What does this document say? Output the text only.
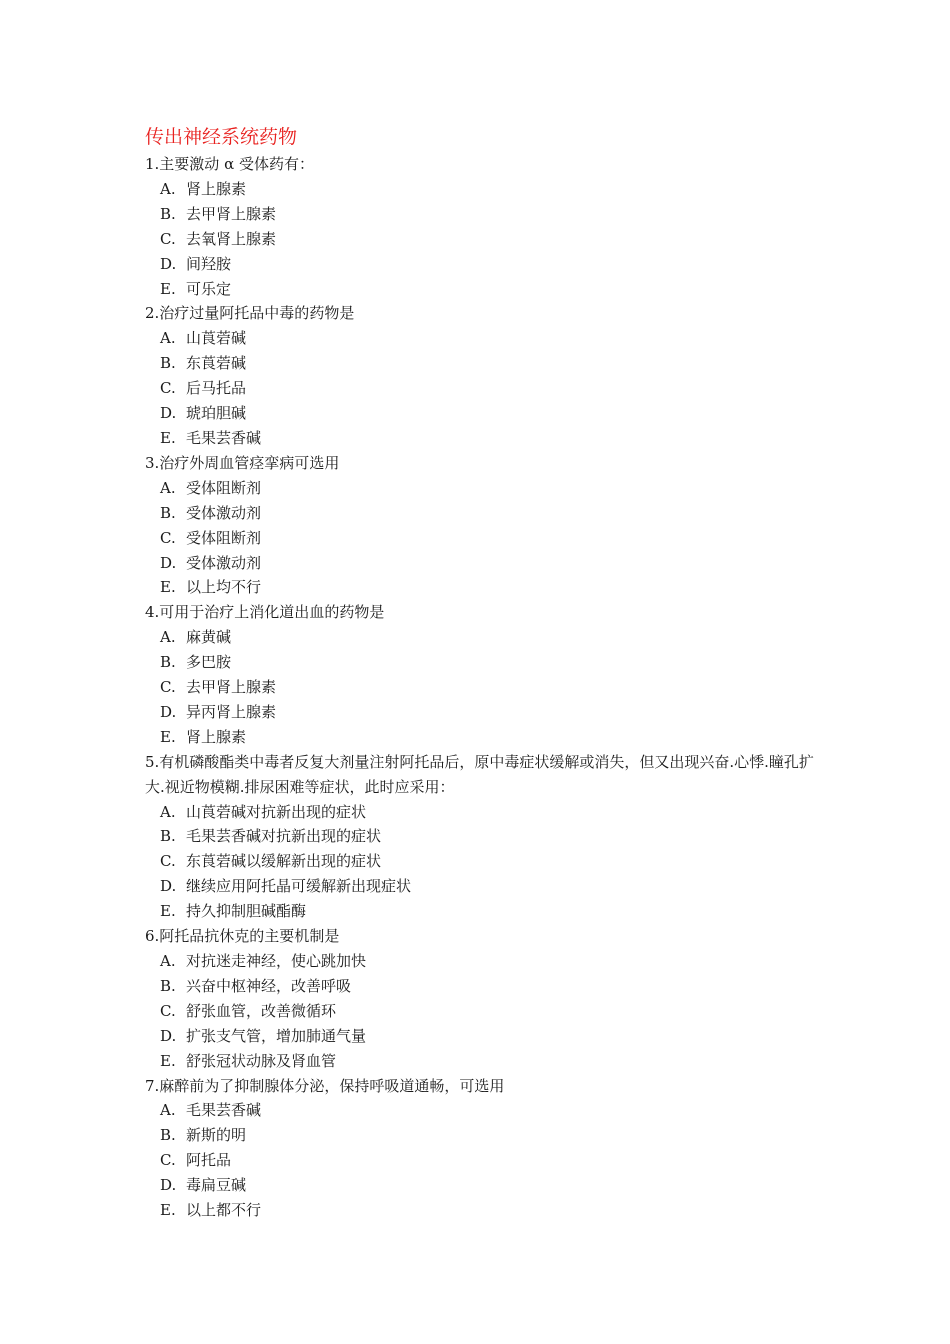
传出神经系统药物
1.主要激动 α 受体药有：
A. 肾上腺素
B. 去甲肾上腺素
C. 去氧肾上腺素
D. 间羟胺
E. 可乐定
2.治疗过量阿托品中毒的药物是
A. 山莨菪碱
B. 东莨菪碱
C. 后马托品
D. 琥珀胆碱
E. 毛果芸香碱
3.治疗外周血管痉挛病可选用
A. 受体阻断剂
B. 受体激动剂
C. 受体阻断剂
D. 受体激动剂
E. 以上均不行
4.可用于治疗上消化道出血的药物是
A. 麻黄碱
B. 多巴胺
C. 去甲肾上腺素
D. 异丙肾上腺素
E. 肾上腺素
5.有机磷酸酯类中毒者反复大剂量注射阿托品后，原中毒症状缓解或消失，但又出现兴奋.心悸.瞳孔扩大.视近物模糊.排尿困难等症状，此时应采用：
A. 山莨菪碱对抗新出现的症状
B. 毛果芸香碱对抗新出现的症状
C. 东莨菪碱以缓解新出现的症状
D. 继续应用阿托晶可缓解新出现症状
E. 持久抑制胆碱酯酶
6.阿托品抗休克的主要机制是
A. 对抗迷走神经，使心跳加快
B. 兴奋中枢神经，改善呼吸
C. 舒张血管，改善微循环
D. 扩张支气管，增加肺通气量
E. 舒张冠状动脉及肾血管
7.麻醉前为了抑制腺体分泌，保持呼吸道通畅，可选用
A. 毛果芸香碱
B. 新斯的明
C. 阿托品
D. 毒扁豆碱
E. 以上都不行
